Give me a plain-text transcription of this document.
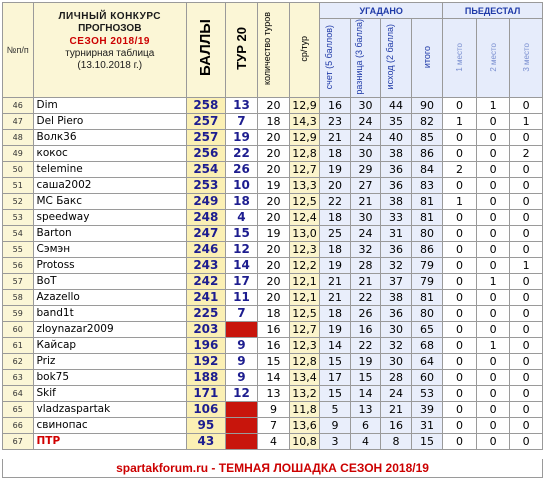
№п/п	ЛИЧНЫЙ КОНКУРС
ПРОГНОЗОВ
СЕЗОН 2018/19
турнирная таблица
(13.10.2018 г.)	БАЛЛЫ	ТУР 20	количество туров	ср/тур	УГАДАНО				ПЬЕДЕСТАЛ		
						счет (5 баллов)	разница (3 балла)	исход (2 балла)	итого	1 место	2 место	3 место
46	Dim	258	13	20	12,9	16	30	44	90	0	1	0
47	Del Piero	257	7	18	14,3	23	24	35	82	1	0	1
48	Волк36	257	19	20	12,9	21	24	40	85	0	0	0
49	кокос	256	22	20	12,8	18	30	38	86	0	0	2
50	telemine	254	26	20	12,7	19	29	36	84	2	0	0
51	саша2002	253	10	19	13,3	20	27	36	83	0	0	0
52	МС Бакс	249	18	20	12,5	22	21	38	81	1	0	0
53	speedway	248	4	20	12,4	18	30	33	81	0	0	0
54	Barton	247	15	19	13,0	25	24	31	80	0	0	0
55	Сэмэн	246	12	20	12,3	18	32	36	86	0	0	0
56	Protoss	243	14	20	12,2	19	28	32	79	0	0	1
57	BoT	242	17	20	12,1	21	21	37	79	0	1	0
58	Azazello	241	11	20	12,1	21	22	38	81	0	0	0
59	band1t	225	7	18	12,5	18	26	36	80	0	0	0
60	zloynazar2009	203		16	12,7	19	16	30	65	0	0	0
61	Кайсар	196	9	16	12,3	14	22	32	68	0	1	0
62	Priz	192	9	15	12,8	15	19	30	64	0	0	0
63	bok75	188	9	14	13,4	17	15	28	60	0	0	0
64	Skif	171	12	13	13,2	15	14	24	53	0	0	0
65	vladzaspartak	106		9	11,8	5	13	21	39	0	0	0
66	свинопас	95		7	13,6	9	6	16	31	0	0	0
67	ПТР	43		4	10,8	3	4	8	15	0	0	0
spartakforum.ru - ТЕМНАЯ ЛОШАДКА СЕЗОН 2018/19
